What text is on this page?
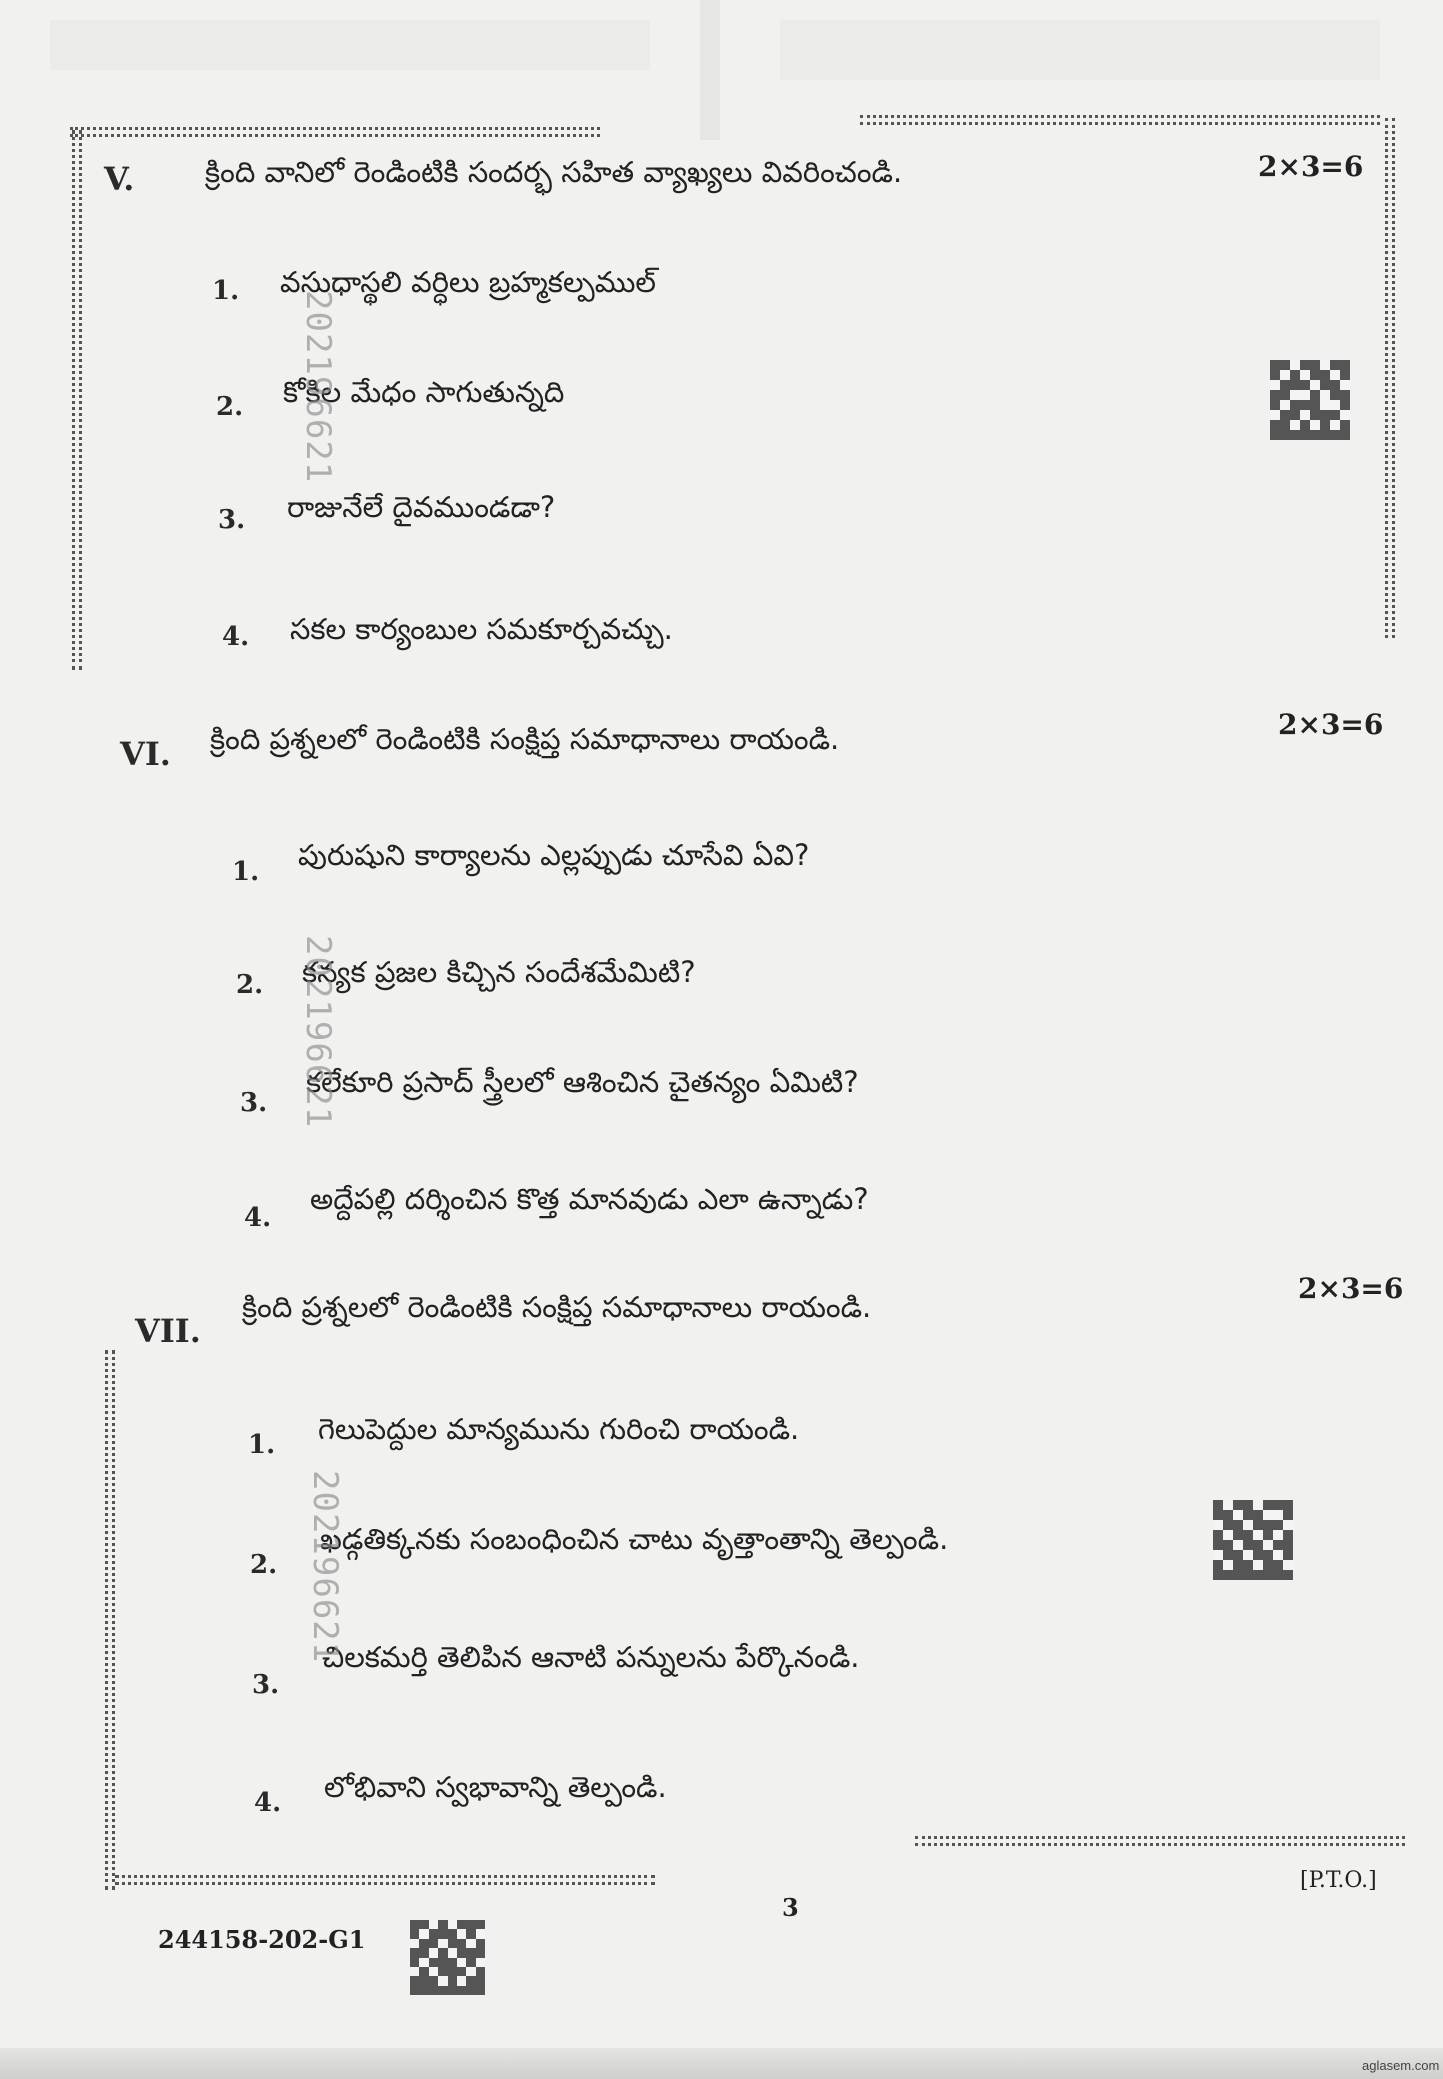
V. క్రింది వానిలో రెండింటికి సందర్భ సహిత వ్యాఖ్యలు వివరించండి.	2×3=6
1. వసుధాస్థలి వర్ధిలు బ్రహ్మకల్పముల్
2. కోకిల మేధం సాగుతున్నది
3. రాజునేలే దైవముండడా?
4. సకల కార్యంబుల సమకూర్చవచ్చు.
202196621
VI. క్రింది ప్రశ్నలలో రెండింటికి సంక్షిప్త సమాధానాలు రాయండి.	2×3=6
1. పురుషుని కార్యాలను ఎల్లప్పుడు చూసేవి ఏవి?
2. కన్యక ప్రజల కిచ్చిన సందేశమేమిటి?
3.
కలేకూరి ప్రసాద్ స్త్రీలలో ఆశించిన చైతన్యం ఏమిటి?
4.
అద్దేపల్లి దర్శించిన కొత్త మానవుడు ఎలా ఉన్నాడు?
202196621
VII.
క్రింది ప్రశ్నలలో రెండింటికి సంక్షిప్త సమాధానాలు రాయండి.
2×3=6
1. గెలుపెద్దుల మాన్యమును గురించి రాయండి.
2.
ఖడ్గతిక్కనకు సంబంధించిన చాటు వృత్తాంతాన్ని తెల్పండి.
3.
చిలకమర్తి తెలిపిన ఆనాటి పన్నులను పేర్కొనండి.
4. లోభివాని స్వభావాన్ని తెల్పండి.
202196621
244158-202-G1
3
[P.T.O.]
aglasem.com
